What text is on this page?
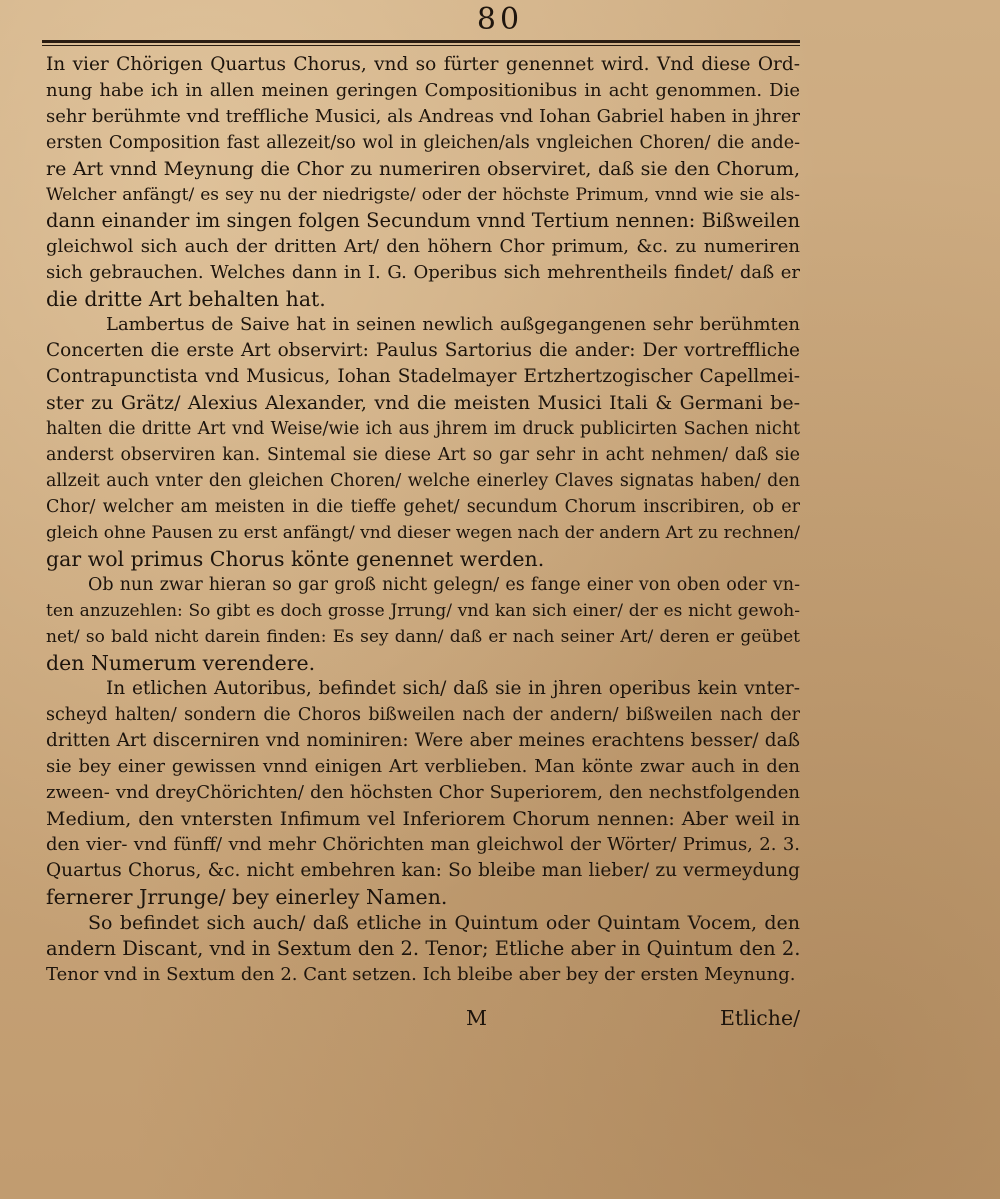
80
In vier Chörigen Quartus Chorus, vnd so fürter genennet wird. Vnd diese Ord-
nung habe ich in allen meinen geringen Compositionibus in acht genommen. Die
sehr berühmte vnd treffliche Musici, als Andreas vnd Iohan Gabriel haben in jhrer
ersten Composition fast allezeit/so wol in gleichen/als vngleichen Choren/ die ande-
re Art vnnd Meynung die Chor zu numeriren observiret, daß sie den Chorum,
Welcher anfängt/ es sey nu der niedrigste/ oder der höchste Primum, vnnd wie sie als-
dann einander im singen folgen Secundum vnnd Tertium nennen: Bißweilen
gleichwol sich auch der dritten Art/ den höhern Chor primum, &c. zu numeriren
sich gebrauchen. Welches dann in I. G. Operibus sich mehrentheils findet/ daß er
die dritte Art behalten hat.
Lambertus de Saive hat in seinen newlich außgegangenen sehr berühmten
Concerten die erste Art observirt: Paulus Sartorius die ander: Der vortreffliche
Contrapunctista vnd Musicus, Iohan Stadelmayer Ertzhertzogischer Capellmei-
ster zu Grätz/ Alexius Alexander, vnd die meisten Musici Itali & Germani be-
halten die dritte Art vnd Weise/wie ich aus jhrem im druck publicirten Sachen nicht
anderst observiren kan. Sintemal sie diese Art so gar sehr in acht nehmen/ daß sie
allzeit auch vnter den gleichen Choren/ welche einerley Claves signatas haben/ den
Chor/ welcher am meisten in die tieffe gehet/ secundum Chorum inscribiren, ob er
gleich ohne Pausen zu erst anfängt/ vnd dieser wegen nach der andern Art zu rechnen/
gar wol primus Chorus könte genennet werden.
Ob nun zwar hieran so gar groß nicht gelegn/ es fange einer von oben oder vn-
ten anzuzehlen: So gibt es doch grosse Jrrung/ vnd kan sich einer/ der es nicht gewoh-
net/ so bald nicht darein finden: Es sey dann/ daß er nach seiner Art/ deren er geübet
den Numerum verendere.
In etlichen Autoribus, befindet sich/ daß sie in jhren operibus kein vnter-
scheyd halten/ sondern die Choros bißweilen nach der andern/ bißweilen nach der
dritten Art discerniren vnd nominiren: Were aber meines erachtens besser/ daß
sie bey einer gewissen vnnd einigen Art verblieben. Man könte zwar auch in den
zween- vnd dreyChörichten/ den höchsten Chor Superiorem, den nechstfolgenden
Medium, den vntersten Infimum vel Inferiorem Chorum nennen: Aber weil in
den vier- vnd fünff/ vnd mehr Chörichten man gleichwol der Wörter/ Primus, 2. 3.
Quartus Chorus, &c. nicht embehren kan: So bleibe man lieber/ zu vermeydung
fernerer Jrrunge/ bey einerley Namen.
So befindet sich auch/ daß etliche in Quintum oder Quintam Vocem, den
andern Discant, vnd in Sextum den 2. Tenor; Etliche aber in Quintum den 2.
Tenor vnd in Sextum den 2. Cant setzen. Ich bleibe aber bey der ersten Meynung.
M	Etliche/
